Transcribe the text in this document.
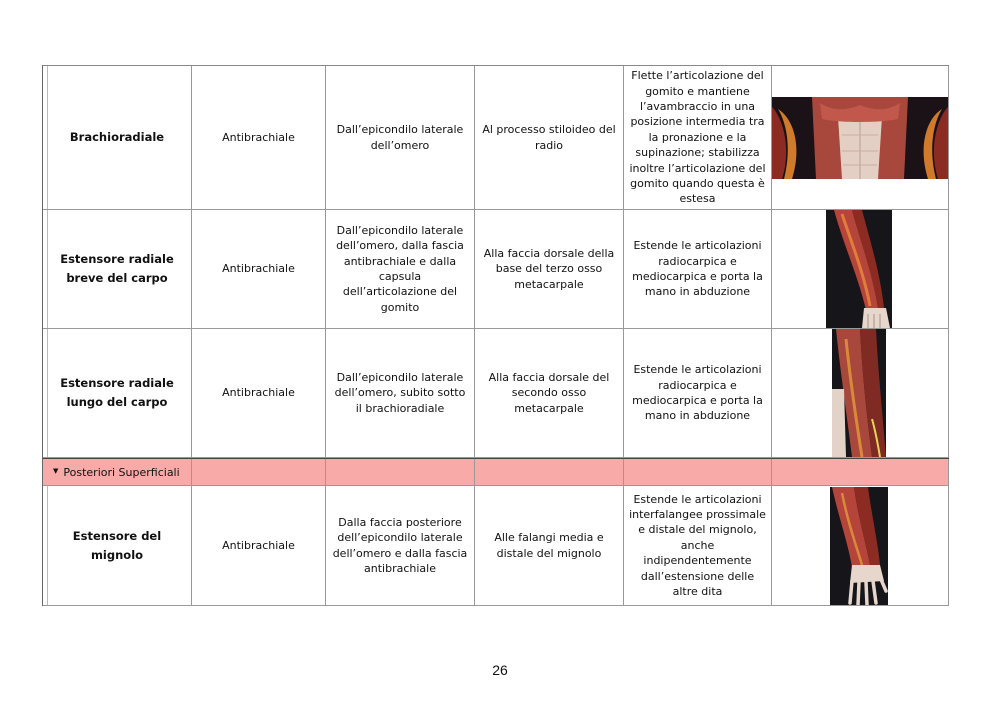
Brachioradiale	Antibrachiale
Dall’epicondilo laterale dell’omero
Al processo stiloideo del radio
Flette l’articolazione del gomito e mantiene l’avambraccio in una posizione intermedia tra la pronazione e la supinazione; stabilizza inoltre l’articolazione del gomito quando questa è estesa
Estensore radiale breve del carpo
Antibrachiale
Dall’epicondilo laterale dell’omero, dalla fascia antibrachiale e dalla capsula dell’articolazione del gomito
Alla faccia dorsale della base del terzo osso metacarpale
Estende le articolazioni radiocarpica e mediocarpica e porta la mano in abduzione
Estensore radiale lungo del carpo
Antibrachiale
Dall’epicondilo laterale dell’omero, subito sotto il brachioradiale
Alla faccia dorsale del secondo osso metacarpale
Estende le articolazioni radiocarpica e mediocarpica e porta la mano in abduzione
▼ Posteriori Superficiali
Estensore del mignolo
Antibrachiale
Dalla faccia posteriore dell’epicondilo laterale dell’omero e dalla fascia antibrachiale
Alle falangi media e distale del mignolo
Estende le articolazioni interfalangee prossimale e distale del mignolo, anche indipendentemente dall’estensione delle altre dita
26
